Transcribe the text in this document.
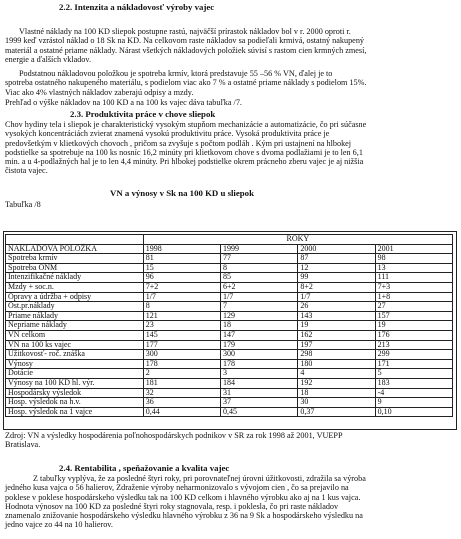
2.2. Intenzita a nákladovosť výroby vajec
Vlastné náklady na 100 KD sliepok postupne rastú, najväčší prírastok nákladov bol v r. 2000 oproti r.
1999 keď vzrástol náklad o 18 Sk na KD. Na celkovom raste nákladov sa podieľali krmivá, ostatný nakupený
materiál a ostatné priame náklady. Nárast všetkých nákladových položiek súvisí s rastom cien krmných zmesí,
energie a ďalších vkladov.
Podstatnou nákladovou položkou je spotreba krmív, ktorá predstavuje 55 –56 % VN, ďalej je to
spotreba ostatného nakupeného materiálu, s podielom viac ako 7 % a ostatné priame náklady s podielom 15%.
Viac ako 4% vlastných nákladov zaberajú odpisy a mzdy.
Prehľad o výške nákladov na 100 KD a na 100 ks vajec dáva tabuľka /7.
2.3. Produktivita práce v chove sliepok
Chov hydiny tela i sliepok je charakteristický vysokým stupňom mechanizácie a automatizácie, čo pri súčasne
vysokých koncentráciách zvierat znamená vysokú produktivitu práce. Vysoká produktivita práce je
predovšetkým v klietkových chovoch , pričom sa zvyšuje s počtom podláh . Kým pri ustajnení na hlbokej
podstielke sa spotrebuje na 100 ks nosníc 16,2 minúty pri klietkovom chove s dvoma podlažiami je to len 6,1
min. a u 4-podlažných hal je to len 4,4 minúty. Pri hlbokej podstielke okrem prácneho zberu vajec je aj nižšia
čistota vajec.
VN a výnosy v Sk na 100 KD u sliepok
Tabuľka /8
	ROKY			
NAKLADOVA POLOŽKA	1998	1999	2000	2001
Spotreba krmív	81	77	87	98
Spotreba ONM	15	8	12	13
Intenzifikačné náklady	96	85	99	111
Mzdy + soc.n.	7+2	6+2	8+2	7+3
Opravy a údržba + odpisy	1/7	1/7	1/7	1+8
Ost.pr.náklady	8	7	26	27
Priame náklady	121	129	143	157
Nepriame náklady	23	18	19	19
VN celkom	145	147	162	176
VN na 100 ks vajec	177	179	197	213
Úžitkovosť- roč. znáška	300	300	298	299
Výnosy	178	178	180	171
Dotácie	2	3	4	5
Výnosy na 100 KD hl. výr.	181	184	192	183
Hospodársky výsledok	32	31	18	-4
Hosp. výsledok na h.v.	36	37	30	9
Hosp. výsledok na 1 vajce	0,44	0,45	0,37	0,10
Zdroj: VN a výsledky hospodárenia poľnohospodárskych podnikov v SR za rok 1998 až 2001, VUEPP
Bratislava.
2.4. Rentabilita , speňažovanie a kvalita vajec
Z tabuľky vyplýva, že za posledné štyri roky, pri porovnateľnej úrovni úžitkovosti, zdražila sa výroba
jedného kusa vajca o 56 halierov, Zdraženie výroby neharmonizovalo s vývojom cien , čo sa prejavilo na
poklese v poklese hospodárskeho výsledku tak na 100 KD celkom i hlavného výrobku ako aj na 1 kus vajca.
Hodnota výnosov na 100 KD za posledné štyri roky stagnovala, resp. i poklesla, čo pri raste nákladov
znamenalo znižovanie hospodárskeho výsledku hlavného výrobku z 36 na 9 Sk a hospodárskeho výsledku na
jedno vajce zo 44 na 10 halierov.
